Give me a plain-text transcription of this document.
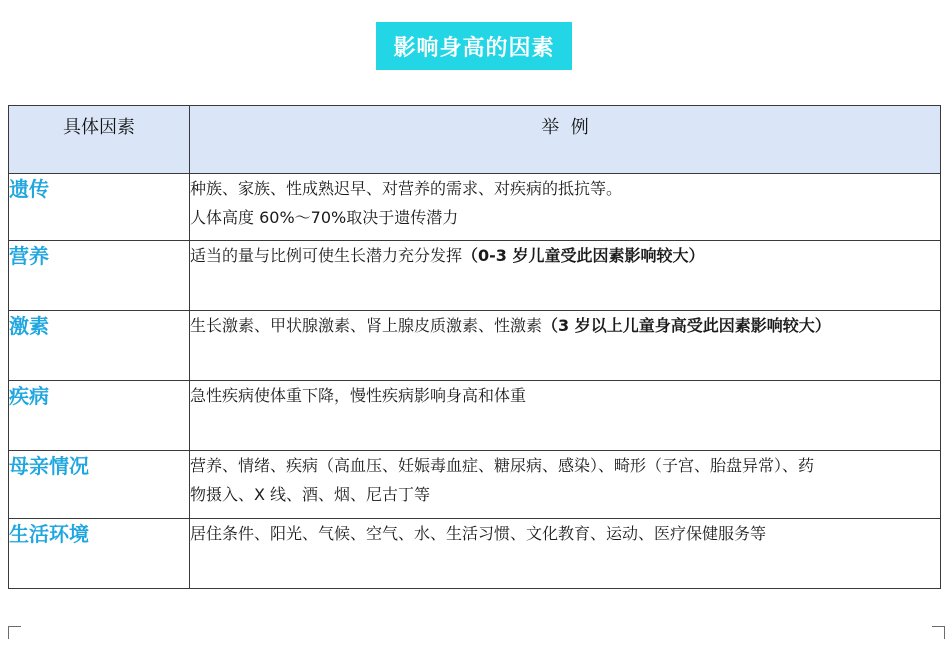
影响身高的因素
具体因素	举  例

遗传	种族、家族、性成熟迟早、对营养的需求、对疾病的抵抗等。
人体高度 60%～70%取决于遗传潜力

营养	适当的量与比例可使生长潜力充分发挥（0-3 岁儿童受此因素影响较大）

激素	生长激素、甲状腺激素、肾上腺皮质激素、性激素（3 岁以上儿童身高受此因素影响较大）
疾病	急性疾病使体重下降，慢性疾病影响身高和体重

母亲情况	营养、情绪、疾病（高血压、妊娠毒血症、糖尿病、感染）、畸形（子宫、胎盘异常）、药
物摄入、X 线、酒、烟、尼古丁等

生活环境	居住条件、阳光、气候、空气、水、生活习惯、文化教育、运动、医疗保健服务等
